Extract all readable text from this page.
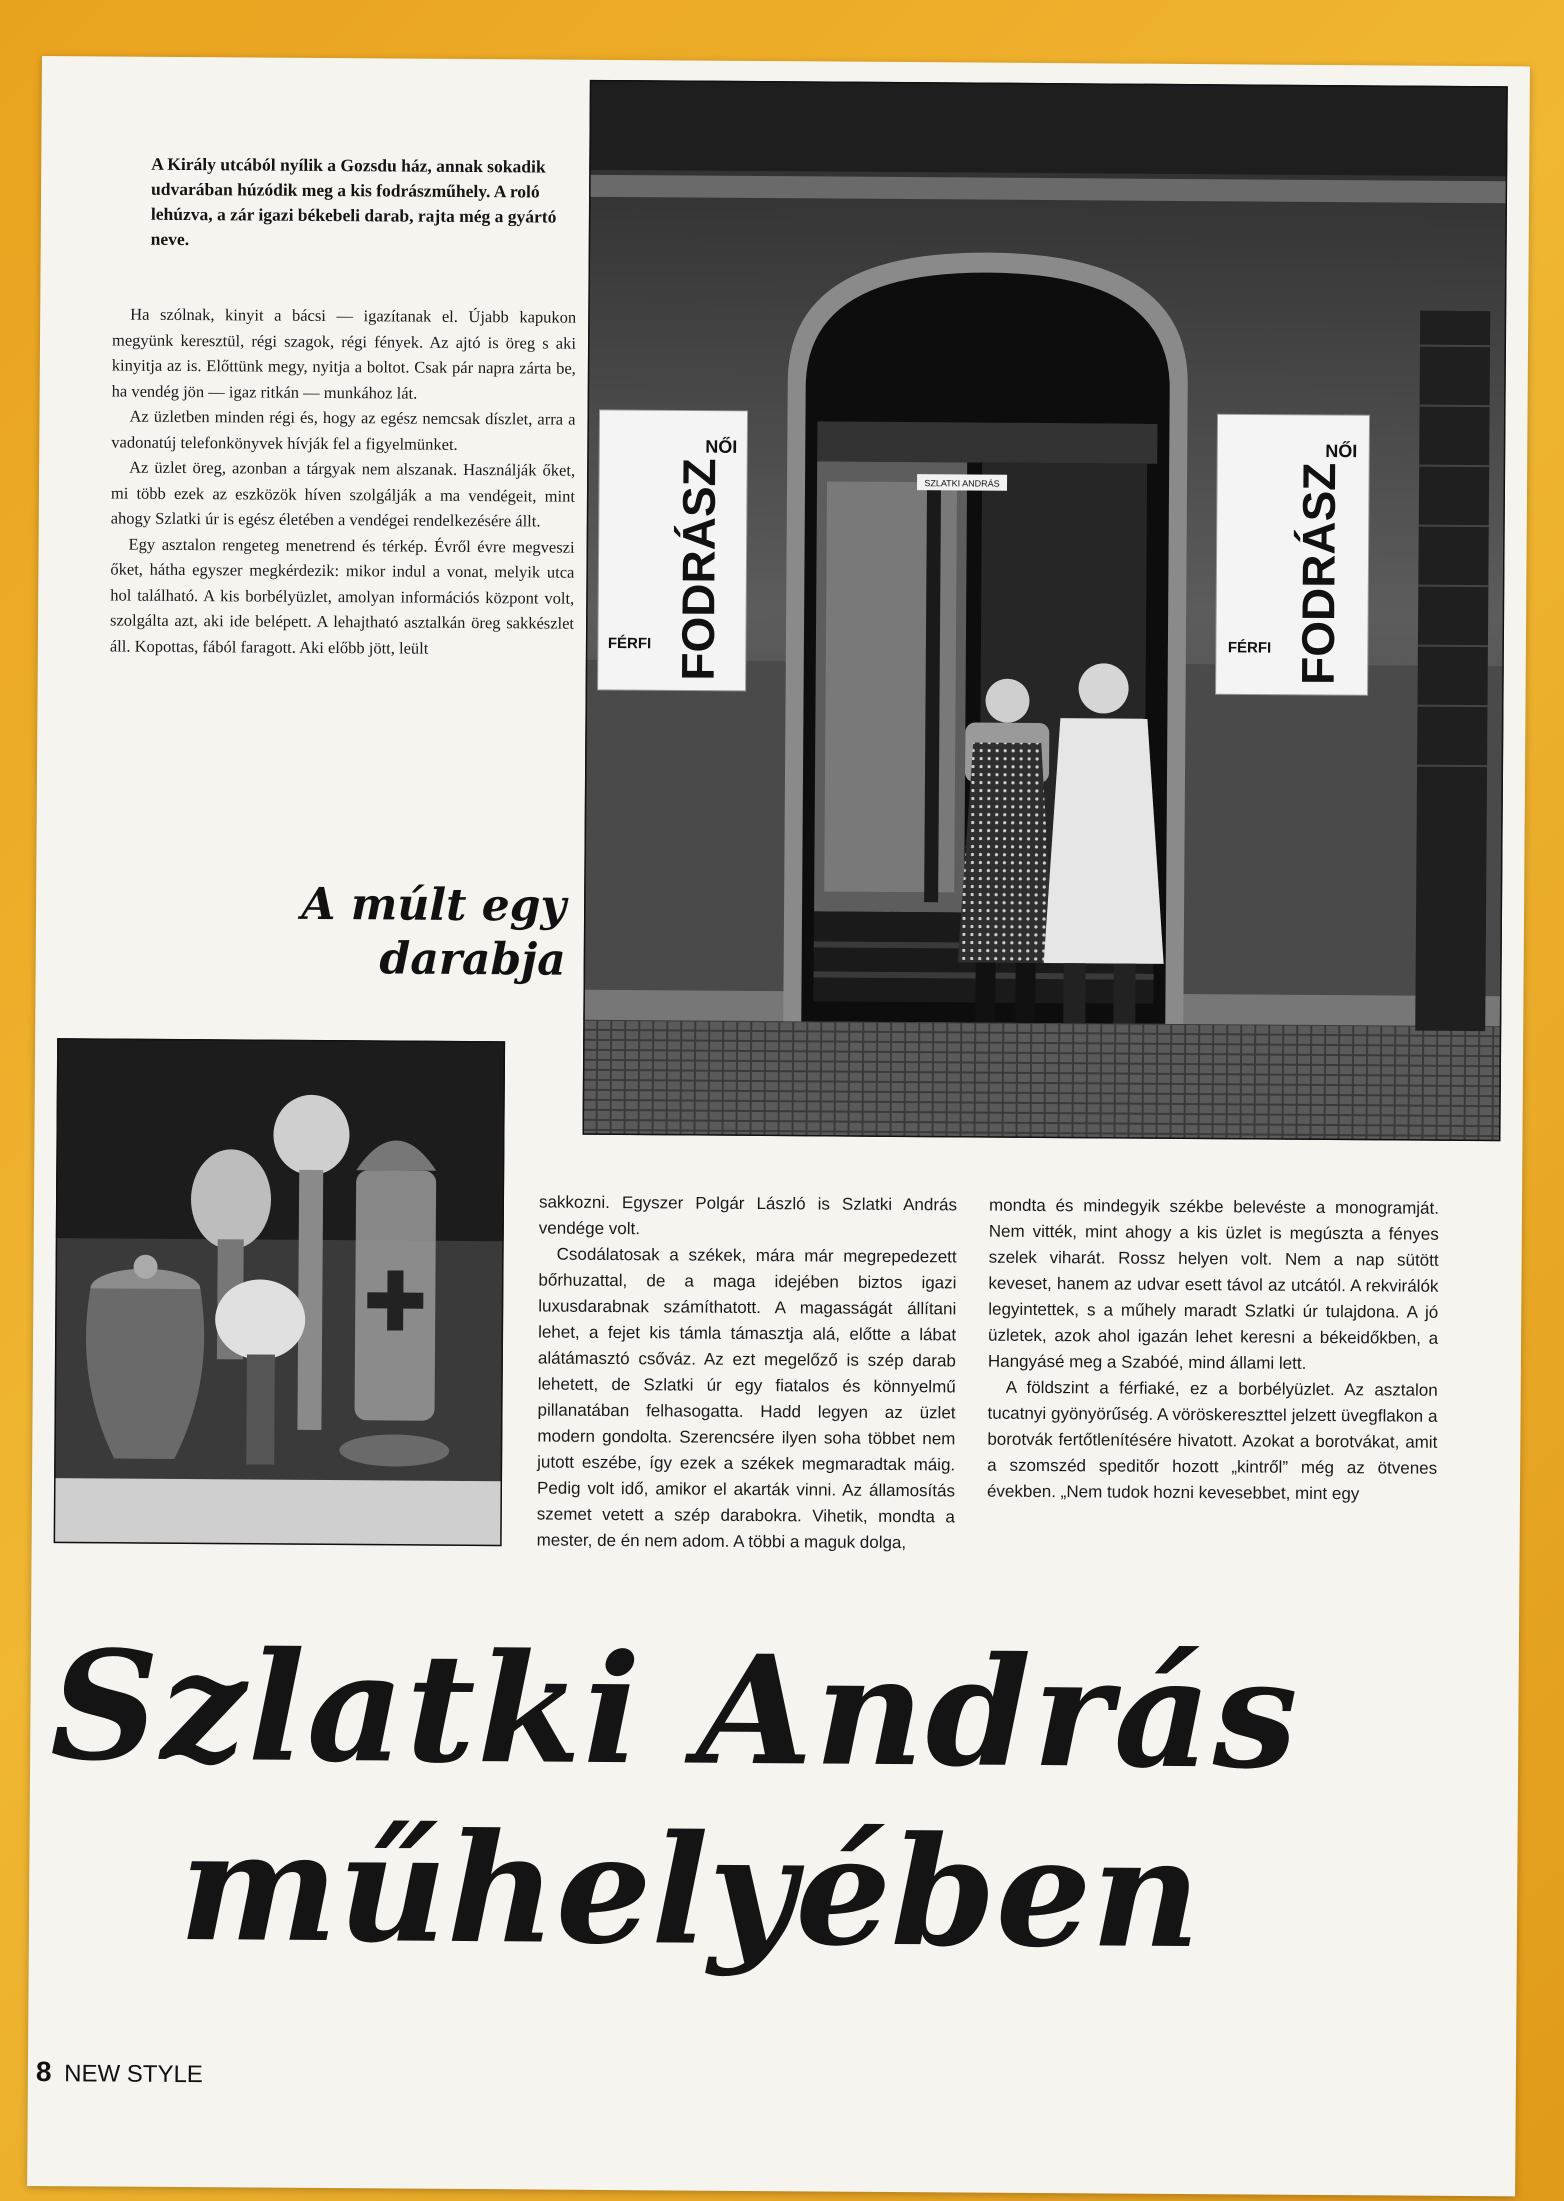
A Király utcából nyílik a Gozsdu ház, annak sokadik udvarában húzódik meg a kis fodrászműhely. A roló lehúzva, a zár igazi békebeli darab, rajta még a gyártó neve.

Ha szólnak, kinyit a bácsi — igazítanak el. Újabb kapukon megyünk keresztül, régi szagok, régi fények. Az ajtó is öreg s aki kinyitja az is. Előttünk megy, nyitja a boltot. Csak pár napra zárta be, ha vendég jön — igaz ritkán — munkához lát.

Az üzletben minden régi és, hogy az egész nemcsak díszlet, arra a vadonatúj telefonkönyvek hívják fel a figyelmünket.

Az üzlet öreg, azonban a tárgyak nem alszanak. Használják őket, mi több ezek az eszközök híven szolgálják a ma vendégeit, mint ahogy Szlatki úr is egész életében a vendégei rendelkezésére állt.

Egy asztalon rengeteg menetrend és térkép. Évről évre megveszi őket, hátha egyszer megkérdezik: mikor indul a vonat, melyik utca hol található. A kis borbélyüzlet, amolyan információs központ volt, szolgálta azt, aki ide belépett. A lehajtható asztalkán öreg sakkészlet áll. Kopottas, fából faragott. Aki előbb jött, leült

A múlt egy darabja

SZLATKI ANDRÁS
FODRÁSZ
NŐI
FÉRFI	FODRÁSZ
NŐI
FÉRFI

sakkozni. Egyszer Polgár László is Szlatki András vendége volt.

Csodálatosak a székek, mára már megrepedezett bőrhuzattal, de a maga idejében biztos igazi luxusdarabnak számíthatott. A magasságát állítani lehet, a fejet kis támla támasztja alá, előtte a lábat alátámasztó csőváz. Az ezt megelőző is szép darab lehetett, de Szlatki úr egy fiatalos és könnyelmű pillanatában felhasogatta. Hadd legyen az üzlet modern gondolta. Szerencsére ilyen soha többet nem jutott eszébe, így ezek a székek megmaradtak máig. Pedig volt idő, amikor el akarták vinni. Az államosítás szemet vetett a szép darabokra. Vihetik, mondta a mester, de én nem adom. A többi a maguk dolga,

mondta és mindegyik székbe belevéste a monogramját. Nem vitték, mint ahogy a kis üzlet is megúszta a fényes szelek viharát. Rossz helyen volt. Nem a nap sütött keveset, hanem az udvar esett távol az utcától. A rekvirálók legyintettek, s a műhely maradt Szlatki úr tulajdona. A jó üzletek, azok ahol igazán lehet keresni a békeidőkben, a Hangyásé meg a Szabóé, mind állami lett.

A földszint a férfiaké, ez a borbélyüzlet. Az asztalon tucatnyi gyönyörűség. A vöröskereszttel jelzett üvegflakon a borotvák fertőtlenítésére hivatott. Azokat a borotvákat, amit a szomszéd speditőr hozott „kintről” még az ötvenes években. „Nem tudok hozni kevesebbet, mint egy

Szlatki András
műhelyében
8 NEW STYLE
